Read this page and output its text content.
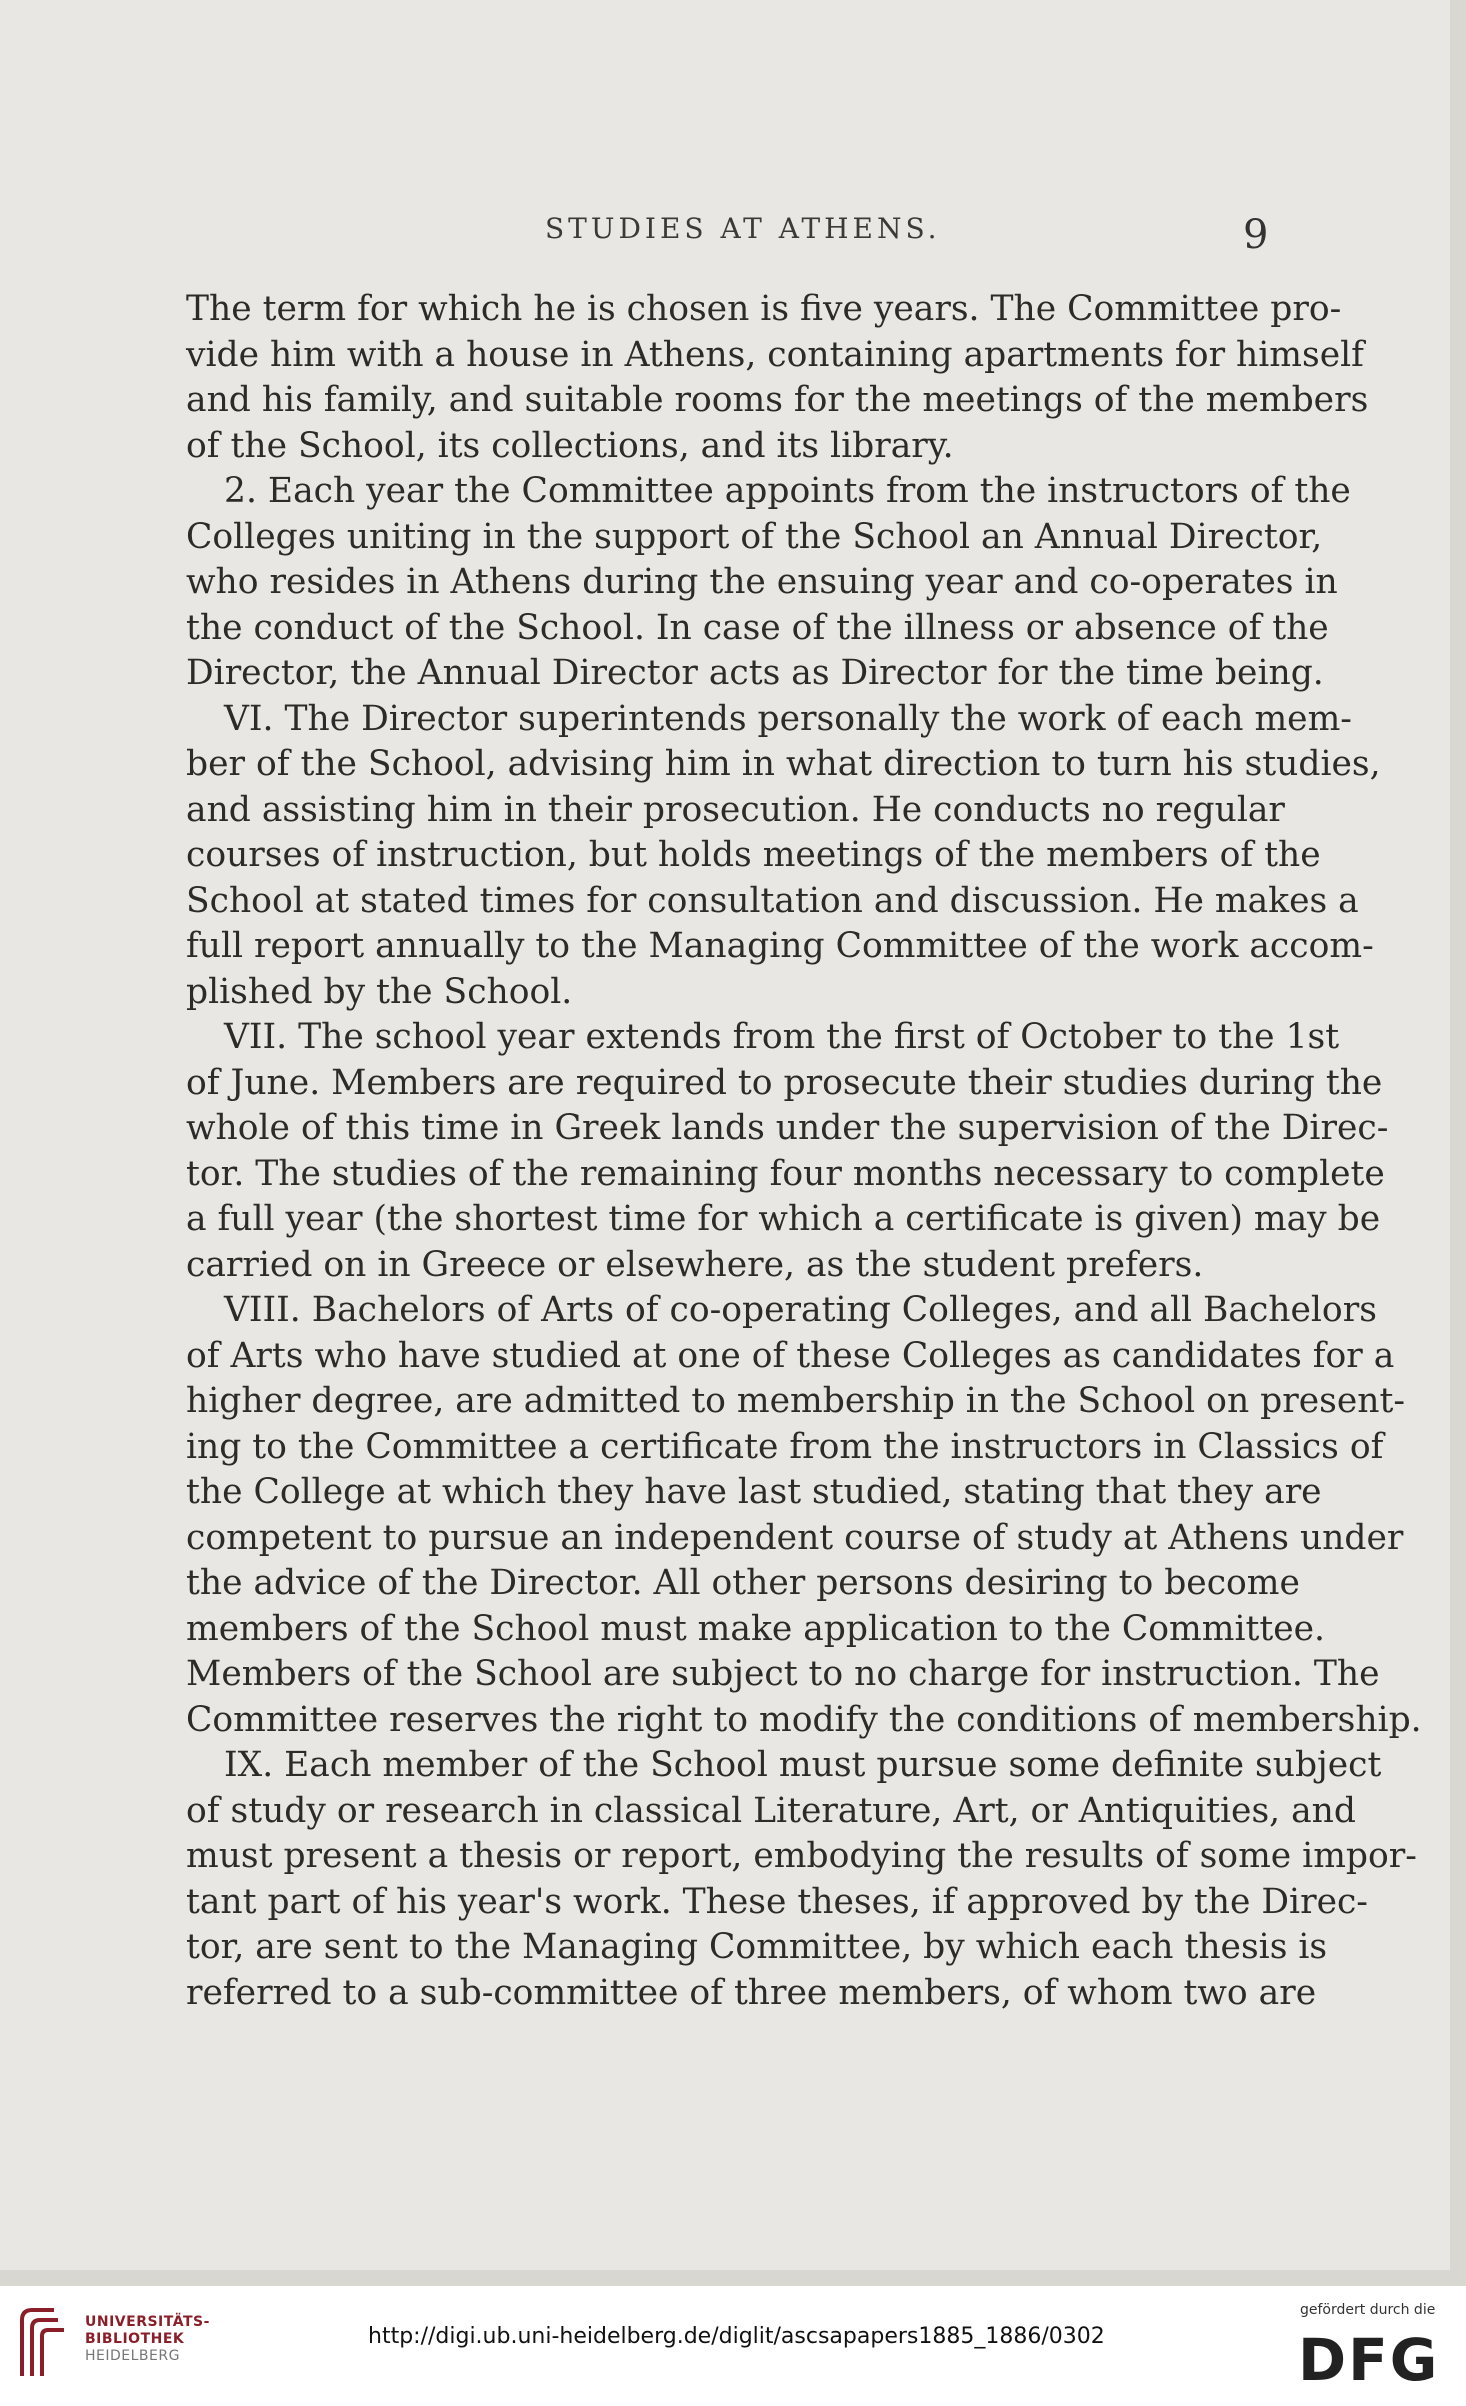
STUDIES AT ATHENS.	9
The term for which he is chosen is five years. The Committee pro-
vide him with a house in Athens, containing apartments for himself
and his family, and suitable rooms for the meetings of the members
of the School, its collections, and its library.
2. Each year the Committee appoints from the instructors of the
Colleges uniting in the support of the School an Annual Director,
who resides in Athens during the ensuing year and co-operates in
the conduct of the School. In case of the illness or absence of the
Director, the Annual Director acts as Director for the time being.
VI. The Director superintends personally the work of each mem-
ber of the School, advising him in what direction to turn his studies,
and assisting him in their prosecution. He conducts no regular
courses of instruction, but holds meetings of the members of the
School at stated times for consultation and discussion. He makes a
full report annually to the Managing Committee of the work accom-
plished by the School.
VII. The school year extends from the first of October to the 1st
of June. Members are required to prosecute their studies during the
whole of this time in Greek lands under the supervision of the Direc-
tor. The studies of the remaining four months necessary to complete
a full year (the shortest time for which a certificate is given) may be
carried on in Greece or elsewhere, as the student prefers.
VIII. Bachelors of Arts of co-operating Colleges, and all Bachelors
of Arts who have studied at one of these Colleges as candidates for a
higher degree, are admitted to membership in the School on present-
ing to the Committee a certificate from the instructors in Classics of
the College at which they have last studied, stating that they are
competent to pursue an independent course of study at Athens under
the advice of the Director. All other persons desiring to become
members of the School must make application to the Committee.
Members of the School are subject to no charge for instruction. The
Committee reserves the right to modify the conditions of membership.
IX. Each member of the School must pursue some definite subject
of study or research in classical Literature, Art, or Antiquities, and
must present a thesis or report, embodying the results of some impor-
tant part of his year's work. These theses, if approved by the Direc-
tor, are sent to the Managing Committee, by which each thesis is
referred to a sub-committee of three members, of whom two are
UNIVERSITÄTS-
BIBLIOTHEK
HEIDELBERG
http://digi.ub.uni-heidelberg.de/diglit/ascsapapers1885_1886/0302
gefördert durch die
DFG
